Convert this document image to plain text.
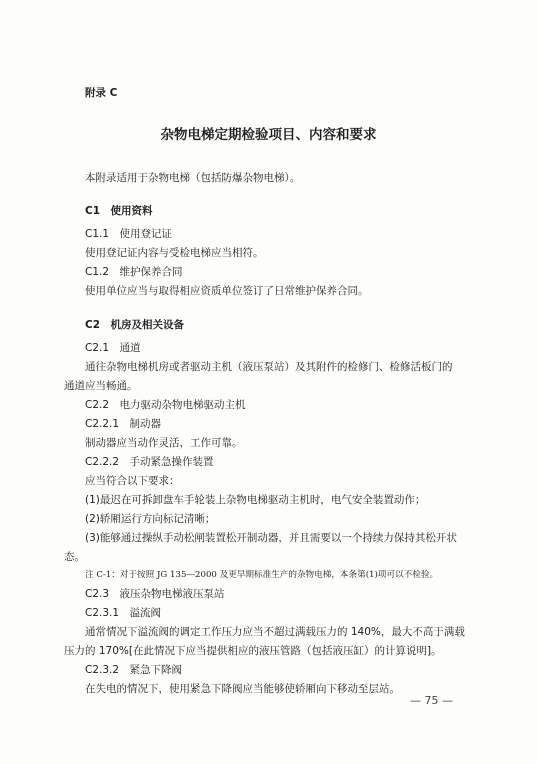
附录 C
杂物电梯定期检验项目、内容和要求
本附录适用于杂物电梯（包括防爆杂物电梯）。
C1　使用资料
C1.1　使用登记证
使用登记证内容与受检电梯应当相符。
C1.2　维护保养合同
使用单位应当与取得相应资质单位签订了日常维护保养合同。
C2　机房及相关设备
C2.1　通道
通往杂物电梯机房或者驱动主机（液压泵站）及其附件的检修门、检修活板门的
通道应当畅通。
C2.2　电力驱动杂物电梯驱动主机
C2.2.1　制动器
制动器应当动作灵活，工作可靠。
C2.2.2　手动紧急操作装置
应当符合以下要求：
(1)最迟在可拆卸盘车手轮装上杂物电梯驱动主机时，电气安全装置动作；
(2)轿厢运行方向标记清晰；
(3)能够通过操纵手动松闸装置松开制动器，并且需要以一个持续力保持其松开状
态。
注 C-1：对于按照 JG 135—2000 及更早期标准生产的杂物电梯，本条第(1)项可以不检验。
C2.3　液压杂物电梯液压泵站
C2.3.1　溢流阀
通常情况下溢流阀的调定工作压力应当不超过满载压力的 140%，最大不高于满载
压力的 170%[在此情况下应当提供相应的液压管路（包括液压缸）的计算说明]。
C2.3.2　紧急下降阀
在失电的情况下，使用紧急下降阀应当能够使轿厢向下移动至层站。
— 75 —
